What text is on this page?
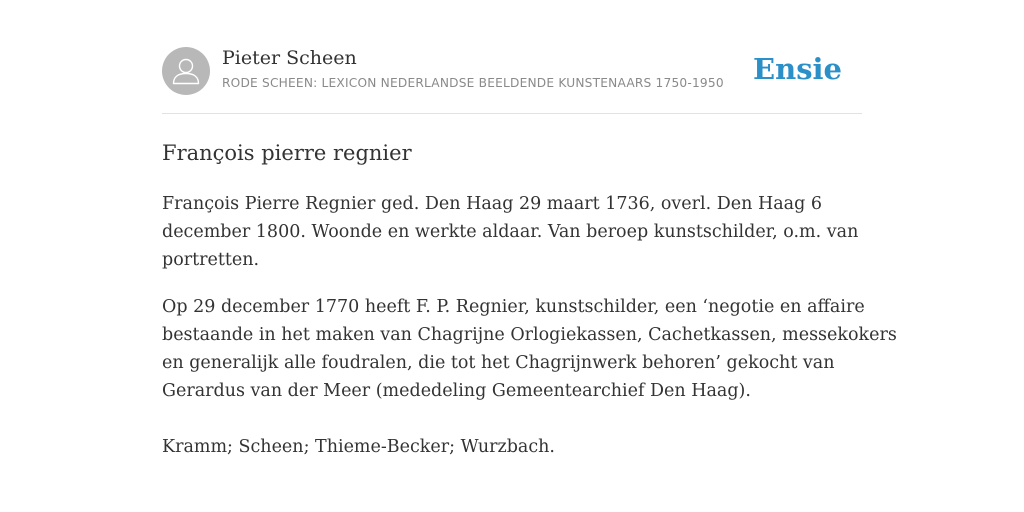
Pieter Scheen
RODE SCHEEN: LEXICON NEDERLANDSE BEELDENDE KUNSTENAARS 1750-1950 Ensie
François pierre regnier

François Pierre Regnier ged. Den Haag 29 maart 1736, overl. Den Haag 6
december 1800. Woonde en werkte aldaar. Van beroep kunstschilder, o.m. van
portretten.

Op 29 december 1770 heeft F. P. Regnier, kunstschilder, een ‘negotie en affaire
bestaande in het maken van Chagrijne Orlogiekassen, Cachetkassen, messekokers
en generalijk alle foudralen, die tot het Chagrijnwerk behoren’ gekocht van
Gerardus van der Meer (mededeling Gemeentearchief Den Haag).

Kramm; Scheen; Thieme-Becker; Wurzbach.
